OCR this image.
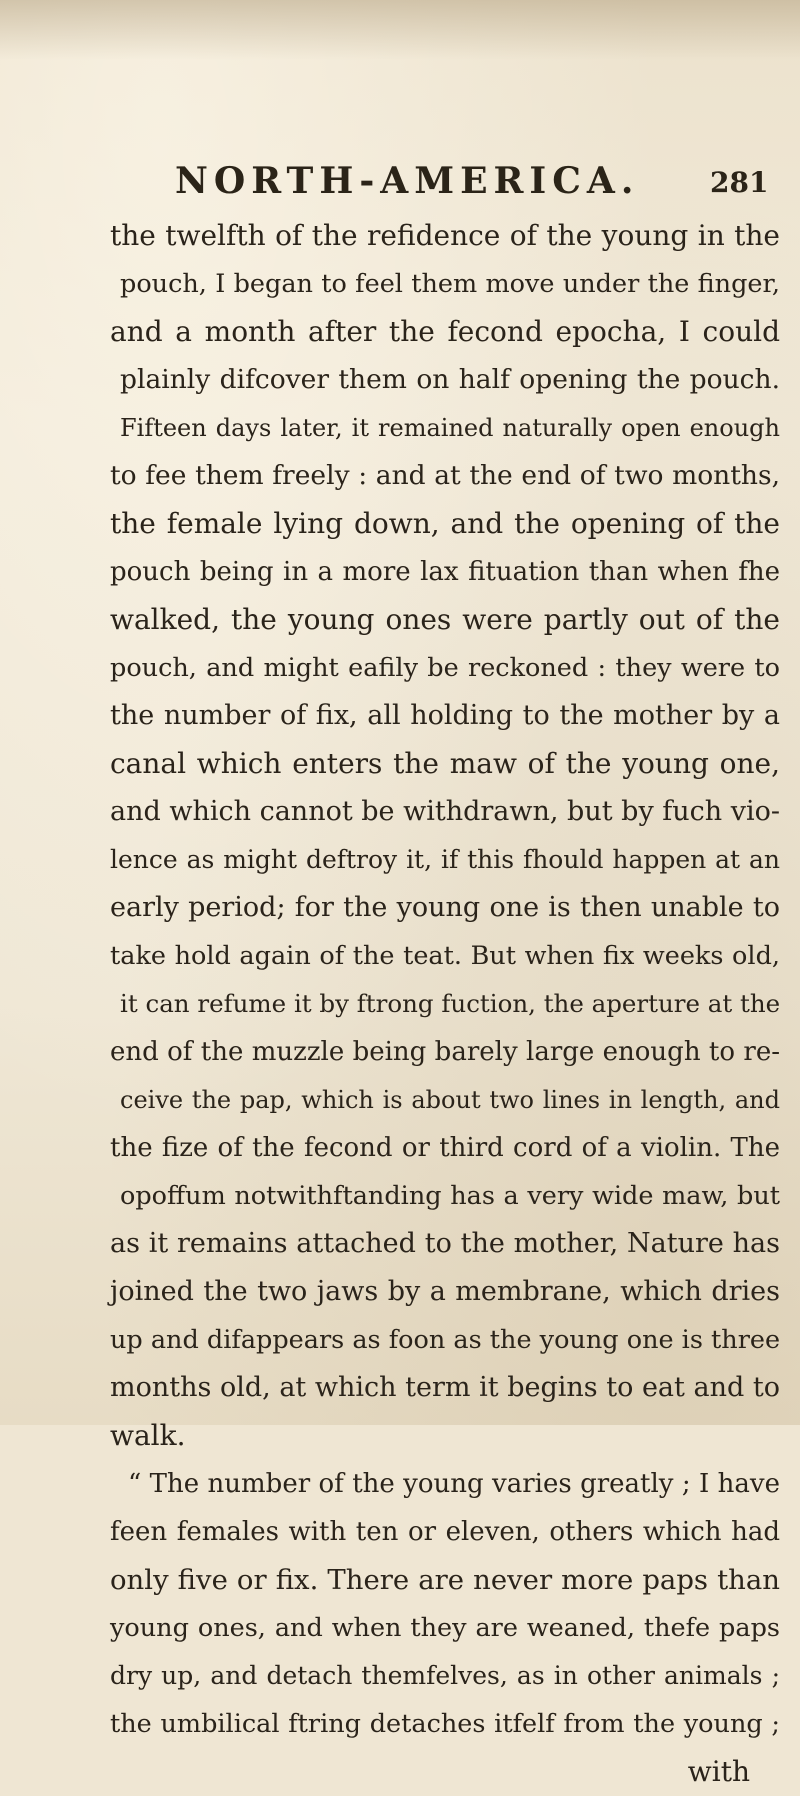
NORTH-AMERICA.	281
the twelfth of the refidence of the young in the
pouch, I began to feel them move under the finger,
and a month after the fecond epocha, I could
plainly difcover them on half opening the pouch.
Fifteen days later, it remained naturally open enough
to fee them freely : and at the end of two months,
the female lying down, and the opening of the
pouch being in a more lax fituation than when fhe
walked, the young ones were partly out of the
pouch, and might eafily be reckoned : they were to
the number of fix, all holding to the mother by a
canal which enters the maw of the young one,
and which cannot be withdrawn, but by fuch vio-
lence as might deftroy it, if this fhould happen at an
early period; for the young one is then unable to
take hold again of the teat. But when fix weeks old,
it can refume it by ftrong fuction, the aperture at the
end of the muzzle being barely large enough to re-
ceive the pap, which is about two lines in length, and
the fize of the fecond or third cord of a violin. The
opoffum notwithftanding has a very wide maw, but
as it remains attached to the mother, Nature has
joined the two jaws by a membrane, which dries
up and difappears as foon as the young one is three
months old, at which term it begins to eat and to
walk.
“ The number of the young varies greatly ; I have
feen females with ten or eleven, others which had
only five or fix. There are never more paps than
young ones, and when they are weaned, thefe paps
dry up, and detach themfelves, as in other animals ;
the umbilical ftring detaches itfelf from the young ;
with
